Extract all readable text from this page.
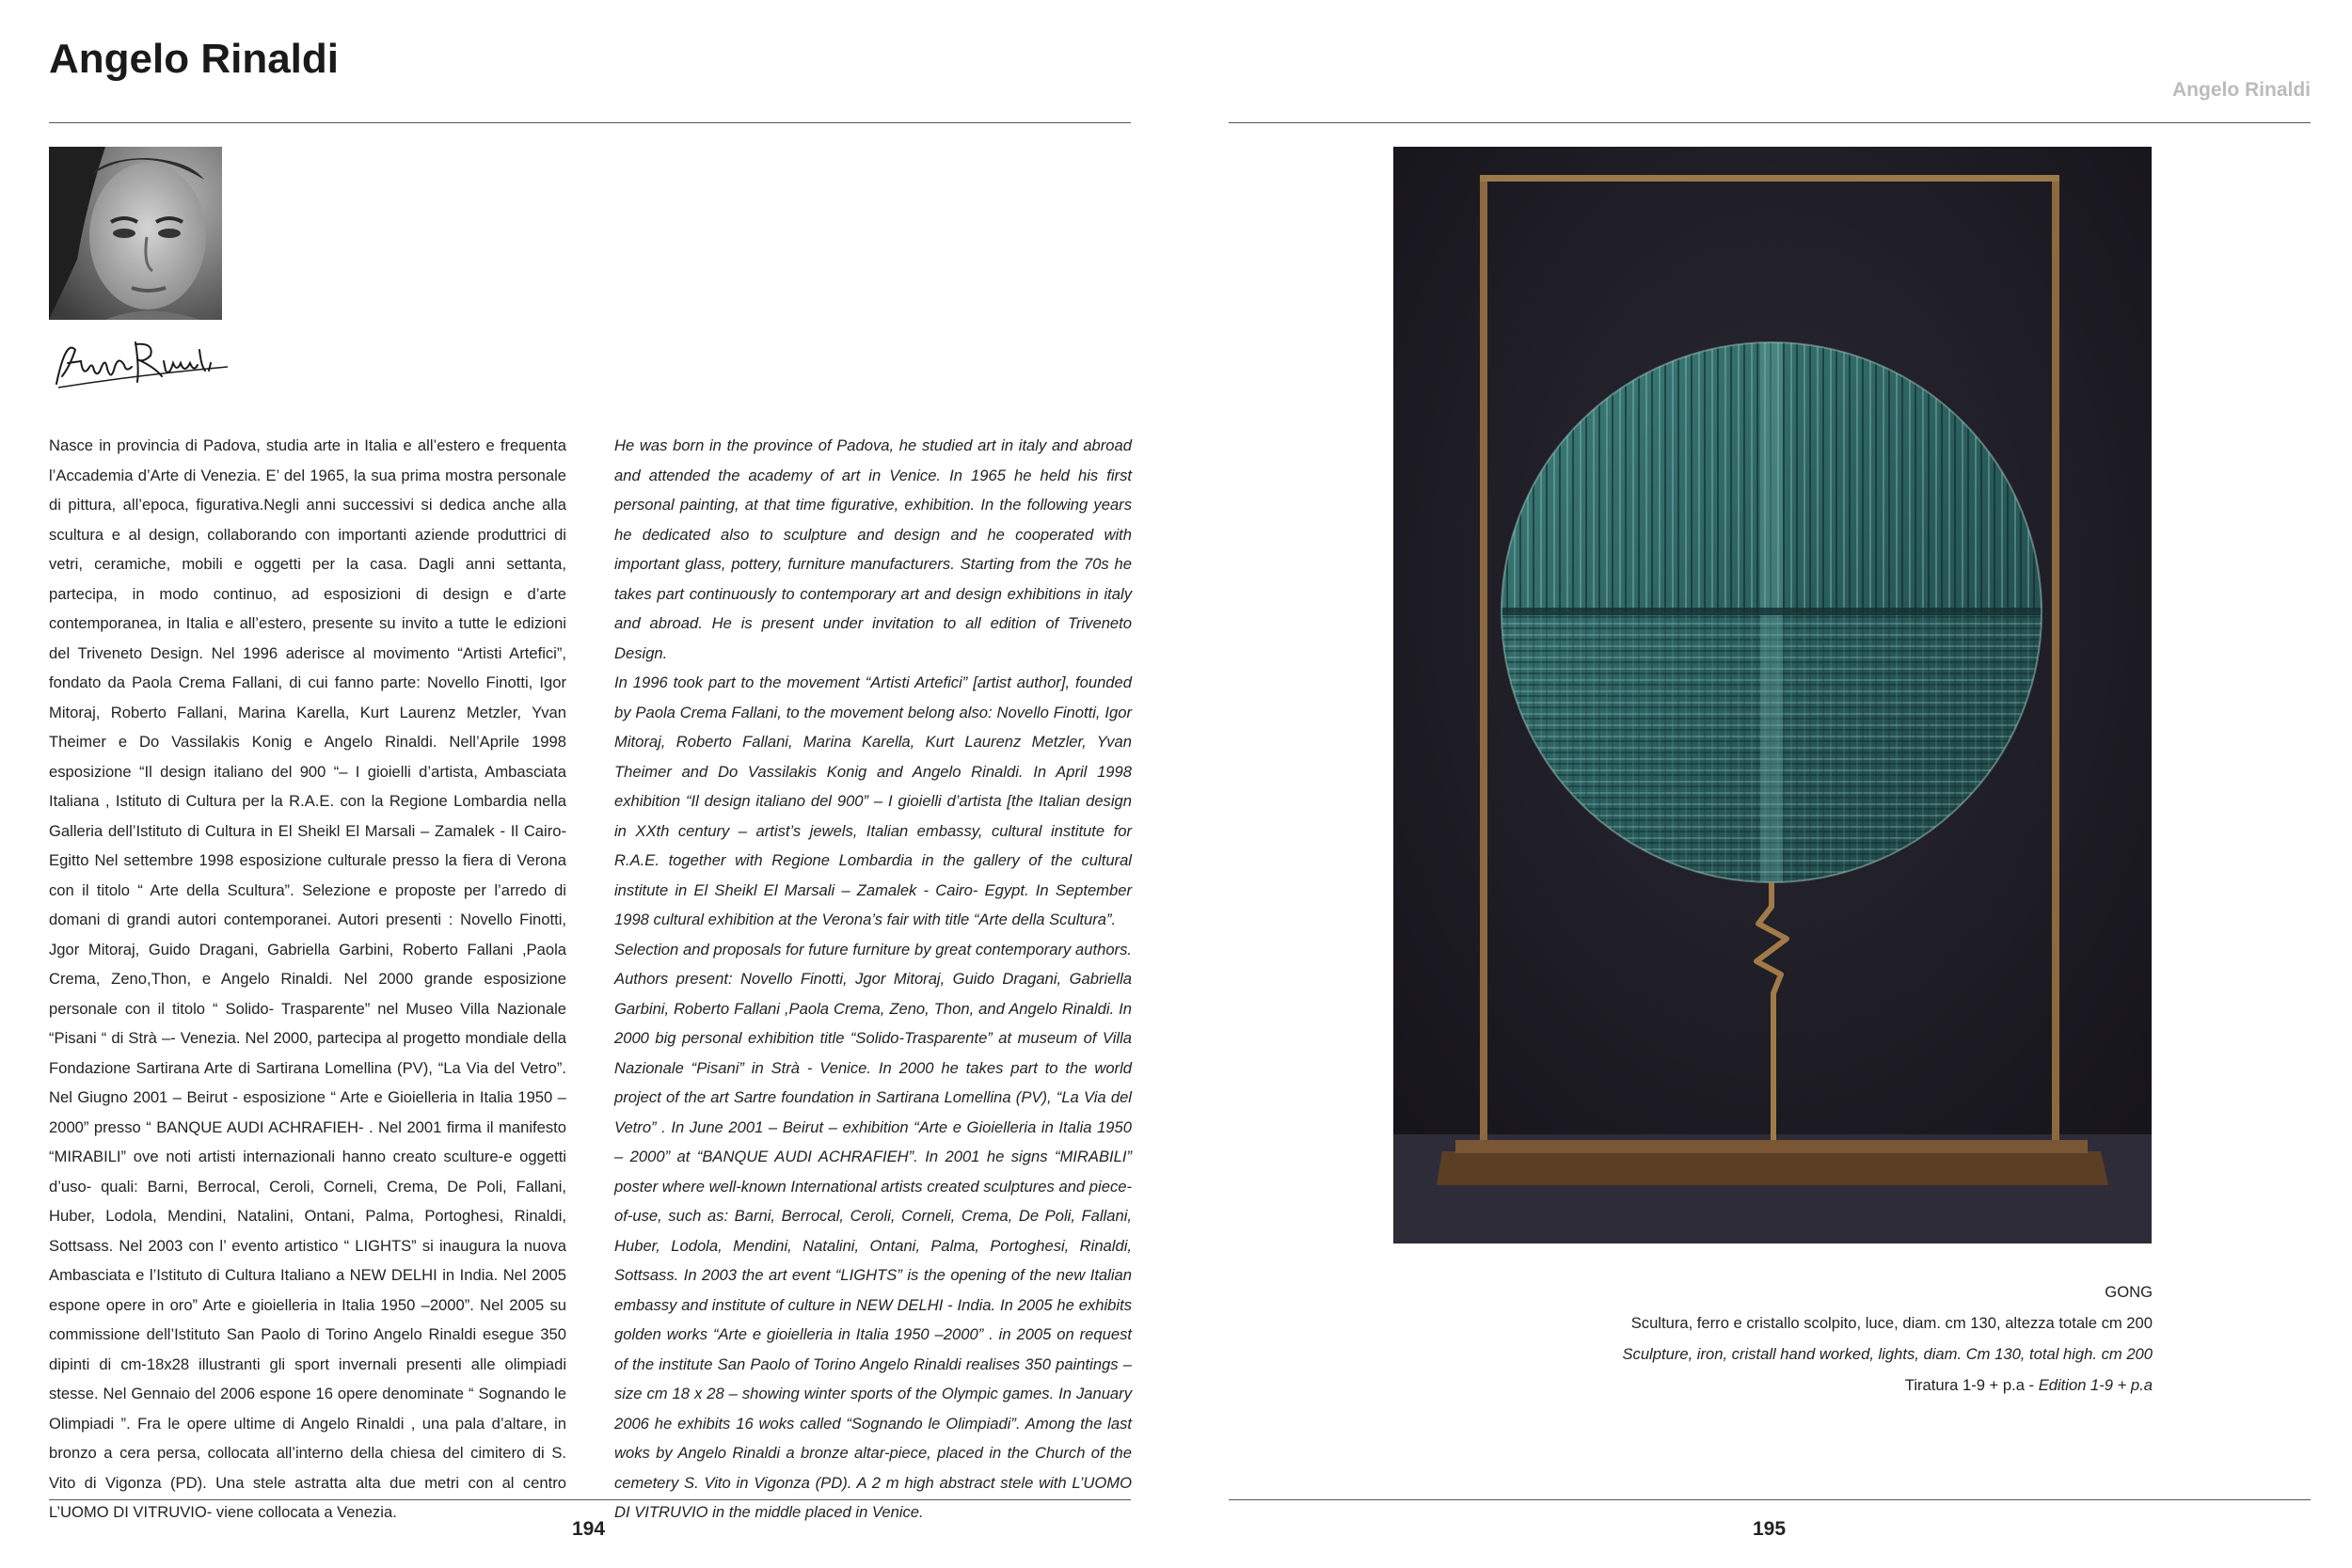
Angelo Rinaldi

Nasce in provincia di Padova, studia arte in Italia e all’estero e frequenta l’Accademia d’Arte di Venezia. E’ del 1965, la sua prima mostra personale di pittura, all’epoca, figurativa.Negli anni successivi si dedica anche alla scultura e al design, collaborando con importanti aziende produttrici di vetri, ceramiche, mobili e oggetti per la casa. Dagli anni settanta, partecipa, in modo continuo, ad esposizioni di design e d’arte contemporanea, in Italia e all’estero, presente su invito a tutte le edizioni del Triveneto Design. Nel 1996 aderisce al movimento “Artisti Artefici”, fondato da Paola Crema Fallani, di cui fanno parte: Novello Finotti, Igor Mitoraj, Roberto Fallani, Marina Karella, Kurt Laurenz Metzler, Yvan Theimer e Do Vassilakis Konig e Angelo Rinaldi. Nell’Aprile 1998 esposizione “Il design italiano del 900 “– I gioielli d’artista, Ambasciata Italiana , Istituto di Cultura per la R.A.E. con la Regione Lombardia nella Galleria dell’Istituto di Cultura in El Sheikl El Marsali – Zamalek - Il Cairo- Egitto Nel settembre 1998 esposizione culturale presso la fiera di Verona con il titolo “ Arte della Scultura”. Selezione e proposte per l’arredo di domani di grandi autori contemporanei. Autori presenti : Novello Finotti, Jgor Mitoraj, Guido Dragani, Gabriella Garbini, Roberto Fallani ,Paola Crema, Zeno,Thon, e Angelo Rinaldi. Nel 2000 grande esposizione personale con il titolo “ Solido- Trasparente” nel Museo Villa Nazionale “Pisani “ di Strà –- Venezia. Nel 2000, partecipa al progetto mondiale della Fondazione Sartirana Arte di Sartirana Lomellina (PV), “La Via del Vetro”. Nel Giugno 2001 – Beirut - esposizione “ Arte e Gioielleria in Italia 1950 – 2000” presso “ BANQUE AUDI ACHRAFIEH- . Nel 2001 firma il manifesto “MIRABILI” ove noti artisti internazionali hanno creato sculture-e oggetti d’uso- quali: Barni, Berrocal, Ceroli, Corneli, Crema, De Poli, Fallani, Huber, Lodola, Mendini, Natalini, Ontani, Palma, Portoghesi, Rinaldi, Sottsass. Nel 2003 con l’ evento artistico “ LIGHTS” si inaugura la nuova Ambasciata e l’Istituto di Cultura Italiano a NEW DELHI in India. Nel 2005 espone opere in oro” Arte e gioielleria in Italia 1950 –2000”. Nel 2005 su commissione dell’Istituto San Paolo di Torino Angelo Rinaldi esegue 350 dipinti di cm-18x28 illustranti gli sport invernali presenti alle olimpiadi stesse. Nel Gennaio del 2006 espone 16 opere denominate “ Sognando le Olimpiadi ”. Fra le opere ultime di Angelo Rinaldi , una pala d’altare, in bronzo a cera persa, collocata all’interno della chiesa del cimitero di S. Vito di Vigonza (PD). Una stele astratta alta due metri con al centro L’UOMO DI VITRUVIO- viene collocata a Venezia.

He was born in the province of Padova, he studied art in italy and abroad and attended the academy of art in Venice. In 1965 he held his first personal painting, at that time figurative, exhibition. In the following years he dedicated also to sculpture and design and he cooperated with important glass, pottery, furniture manufacturers. Starting from the 70s he takes part continuously to contemporary art and design exhibitions in italy and abroad. He is present under invitation to all edition of Triveneto Design.

In 1996 took part to the movement “Artisti Artefici” [artist author], founded by Paola Crema Fallani, to the movement belong also: Novello Finotti, Igor Mitoraj, Roberto Fallani, Marina Karella, Kurt Laurenz Metzler, Yvan Theimer and Do Vassilakis Konig and Angelo Rinaldi. In April 1998 exhibition “Il design italiano del 900” – I gioielli d’artista [the Italian design in XXth century – artist’s jewels, Italian embassy, cultural institute for R.A.E. together with Regione Lombardia in the gallery of the cultural institute in El Sheikl El Marsali – Zamalek - Cairo- Egypt. In September 1998 cultural exhibition at the Verona’s fair with title “Arte della Scultura”.

Selection and proposals for future furniture by great contemporary authors. Authors present: Novello Finotti, Jgor Mitoraj, Guido Dragani, Gabriella Garbini, Roberto Fallani ,Paola Crema, Zeno, Thon, and Angelo Rinaldi. In 2000 big personal exhibition title “Solido-Trasparente” at museum of Villa Nazionale “Pisani” in Strà - Venice. In 2000 he takes part to the world project of the art Sartre foundation in Sartirana Lomellina (PV), “La Via del Vetro” . In June 2001 – Beirut – exhibition “Arte e Gioielleria in Italia 1950 – 2000” at “BANQUE AUDI ACHRAFIEH”. In 2001 he signs “MIRABILI” poster where well-known International artists created sculptures and piece-of-use, such as: Barni, Berrocal, Ceroli, Corneli, Crema, De Poli, Fallani, Huber, Lodola, Mendini, Natalini, Ontani, Palma, Portoghesi, Rinaldi, Sottsass. In 2003 the art event “LIGHTS” is the opening of the new Italian embassy and institute of culture in NEW DELHI - India. In 2005 he exhibits golden works “Arte e gioielleria in Italia 1950 –2000” . in 2005 on request of the institute San Paolo of Torino Angelo Rinaldi realises 350 paintings – size cm 18 x 28 – showing winter sports of the Olympic games. In January 2006 he exhibits 16 woks called “Sognando le Olimpiadi”. Among the last woks by Angelo Rinaldi a bronze altar-piece, placed in the Church of the cemetery S. Vito in Vigonza (PD). A 2 m high abstract stele with L’UOMO DI VITRUVIO in the middle placed in Venice.

194
Angelo Rinaldi
GONG
Scultura, ferro e cristallo scolpito, luce, diam. cm 130, altezza totale cm 200
Sculpture, iron, cristall hand worked, lights, diam. Cm 130, total high. cm 200
Tiratura 1-9 + p.a - Edition 1-9 + p.a
195
